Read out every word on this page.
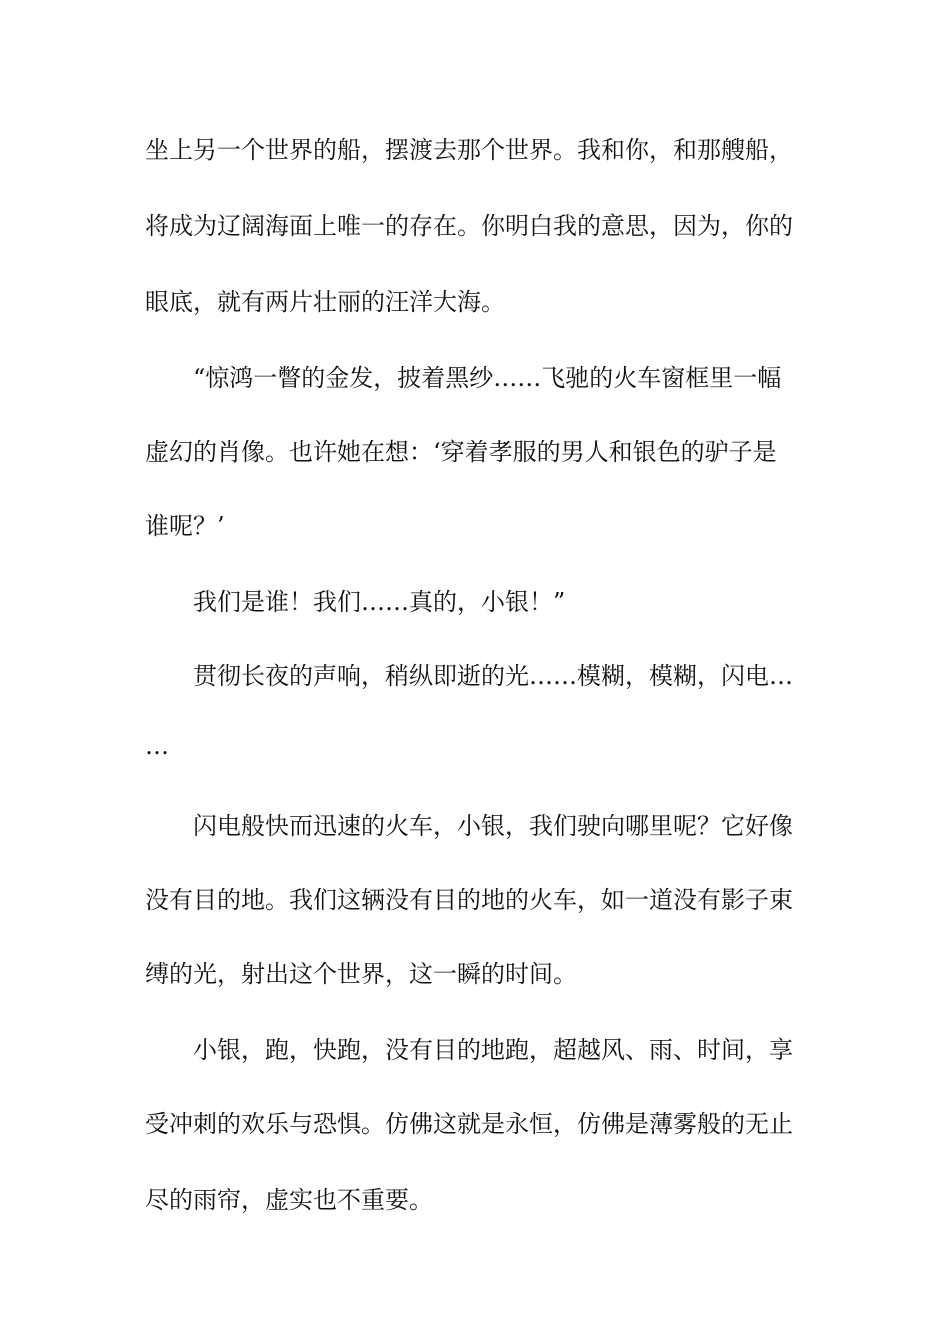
坐上另一个世界的船，摆渡去那个世界。我和你，和那艘船，
将成为辽阔海面上唯一的存在。你明白我的意思，因为，你的
眼底，就有两片壮丽的汪洋大海。
“惊鸿一瞥的金发，披着黑纱……飞驰的火车窗框里一幅
虚幻的肖像。也许她在想：‘穿着孝服的男人和银色的驴子是
谁呢？’
我们是谁！我们……真的，小银！”
贯彻长夜的声响，稍纵即逝的光……模糊，模糊，闪电…
…
闪电般快而迅速的火车，小银，我们驶向哪里呢？它好像
没有目的地。我们这辆没有目的地的火车，如一道没有影子束
缚的光，射出这个世界，这一瞬的时间。
小银，跑，快跑，没有目的地跑，超越风、雨、时间，享
受冲刺的欢乐与恐惧。仿佛这就是永恒，仿佛是薄雾般的无止
尽的雨帘，虚实也不重要。
